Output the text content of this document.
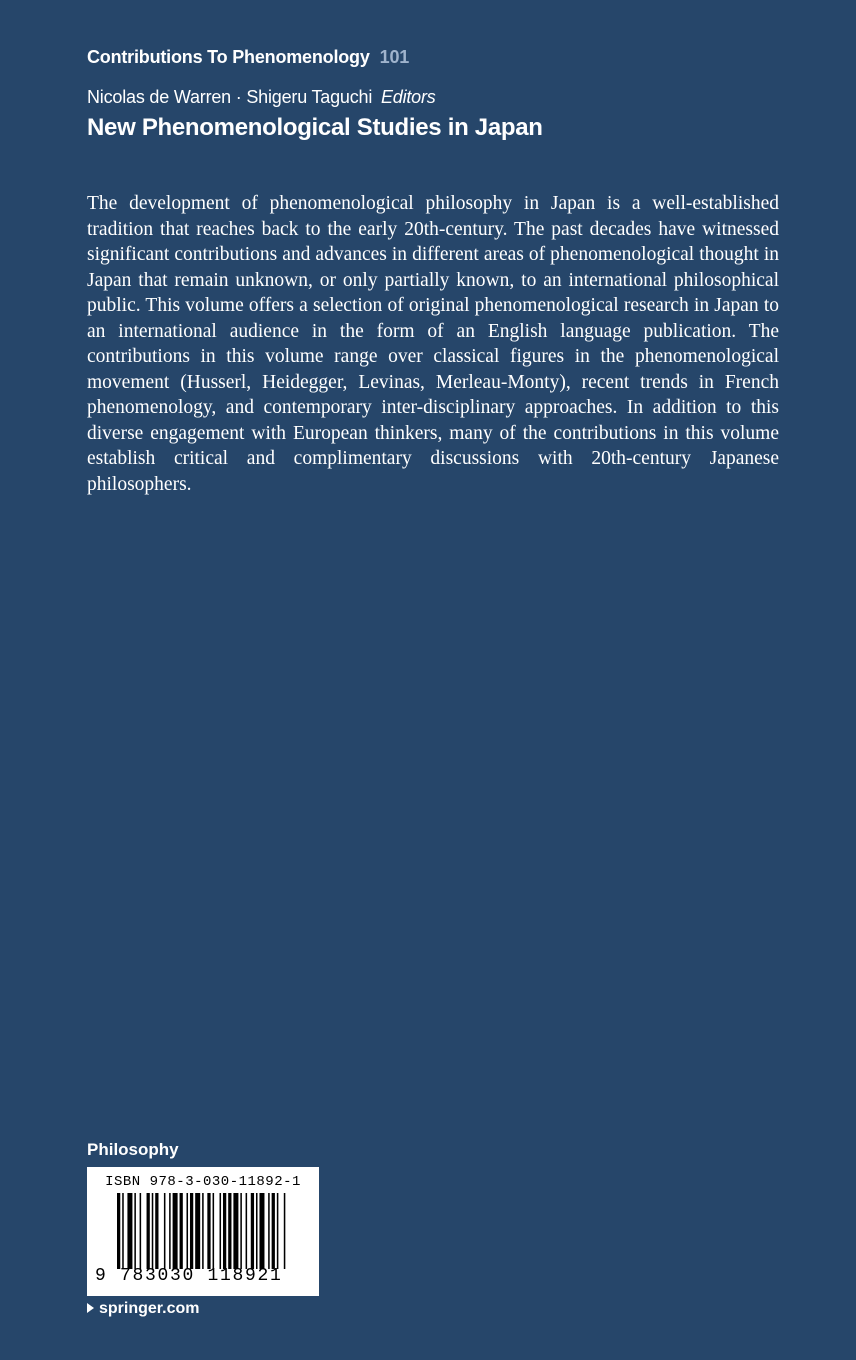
Contributions To Phenomenology 101
Nicolas de Warren · Shigeru Taguchi Editors
New Phenomenological Studies in Japan

The development of phenomenological philosophy in Japan is a well-established tradition that reaches back to the early 20th-century. The past decades have witnessed significant contributions and advances in different areas of phenomenological thought in Japan that remain unknown, or only partially known, to an international philosophical public. This volume offers a selection of original phenomenological research in Japan to an international audience in the form of an English language publication. The contributions in this volume range over classical figures in the phenomenological movement (Husserl, Heidegger, Levinas, Merleau-Monty), recent trends in French phenomenology, and contemporary inter-disciplinary approaches. In addition to this diverse engagement with European thinkers, many of the contributions in this volume establish critical and complimentary discussions with 20th-century Japanese philosophers.

Philosophy
ISBN 978-3-030-11892-1
9 783030 118921
springer.com
